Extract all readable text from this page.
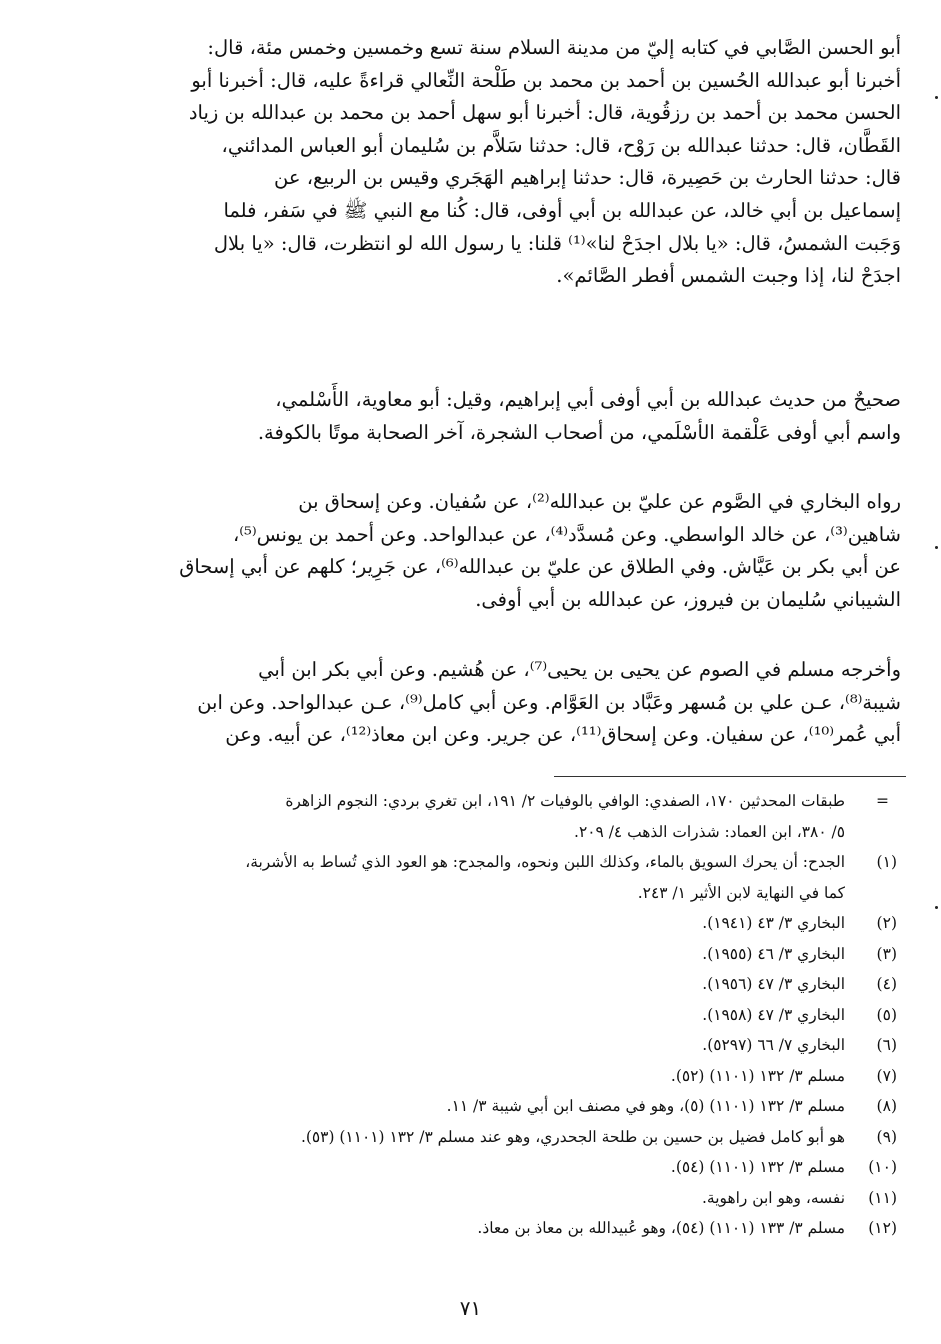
أبو الحسن الصَّابي في كتابه إليّ من مدينة السلام سنة تسع وخمسين وخمس مئة، قال:
أخبرنا أبو عبدالله الحُسين بن أحمد بن محمد بن طَلْحة النِّعالي قراءةً عليه، قال: أخبرنا أبو
الحسن محمد بن أحمد بن رزقُوية، قال: أخبرنا أبو سهل أحمد بن محمد بن عبدالله بن زياد
القَطَّان، قال: حدثنا عبدالله بن رَوْح، قال: حدثنا سَلاَّم بن سُليمان أبو العباس المدائني،
قال: حدثنا الحارث بن حَصِيرة، قال: حدثنا إبراهيم الهَجَري وقيس بن الربيع، عن
إسماعيل بن أبي خالد، عن عبدالله بن أبي أوفى، قال: كُنا مع النبي ﷺ في سَفر، فلما
وَجَبت الشمسُ، قال: «يا بلال اجدَحْ لنا»⁽¹⁾ قلنا: يا رسول الله لو انتظرت، قال: «يا بلال
اجدَحْ لنا، إذا وجبت الشمس أفطر الصَّائم».
صحيحٌ من حديث عبدالله بن أبي أوفى أبي إبراهيم، وقيل: أبو معاوية، الأَسْلمي،
واسم أبي أوفى عَلْقمة الأسْلَمي، من أصحاب الشجرة، آخر الصحابة موتًا بالكوفة.
رواه البخاري في الصَّوم عن عليّ بن عبدالله⁽²⁾، عن سُفيان. وعن إسحاق بن
شاهين⁽³⁾، عن خالد الواسطي. وعن مُسدَّد⁽⁴⁾، عن عبدالواحد. وعن أحمد بن يونس⁽⁵⁾،
عن أبي بكر بن عَيَّاش. وفي الطلاق عن عليّ بن عبدالله⁽⁶⁾، عن جَرِير؛ كلهم عن أبي إسحاق
الشيباني سُليمان بن فيروز، عن عبدالله بن أبي أوفى.
وأخرجه مسلم في الصوم عن يحيى بن يحيى⁽⁷⁾، عن هُشيم. وعن أبي بكر ابن أبي
شيبة⁽⁸⁾، عـن علي بن مُسهر وعَبَّاد بن العَوَّام. وعن أبي كامل⁽⁹⁾، عـن عبدالواحد. وعن ابن
أبي عُمر⁽¹⁰⁾، عن سفيان. وعن إسحاق⁽¹¹⁾، عن جرير. وعن ابن معاذ⁽¹²⁾، عن أبيه. وعن
=
طبقات المحدثين ١٧٠، الصفدي: الوافي بالوفيات ٢/ ١٩١، ابن تغري بردي: النجوم الزاهرة
٥/ ٣٨٠، ابن العماد: شذرات الذهب ٤/ ٢٠٩.
(١)
الجدح: أن يحرك السويق بالماء، وكذلك اللبن ونحوه، والمجدح: هو العود الذي تُساط به الأشربة،
كما في النهاية لابن الأثير ١/ ٢٤٣.
(٢)
البخاري ٣/ ٤٣ (١٩٤١).
(٣)
البخاري ٣/ ٤٦ (١٩٥٥).
(٤)
البخاري ٣/ ٤٧ (١٩٥٦).
(٥)
البخاري ٣/ ٤٧ (١٩٥٨).
(٦)
البخاري ٧/ ٦٦ (٥٢٩٧).
(٧)
مسلم ٣/ ١٣٢ (١١٠١) (٥٢).
(٨)
مسلم ٣/ ١٣٢ (١١٠١) (٥)، وهو في مصنف ابن أبي شيبة ٣/ ١١.
(٩)
هو أبو كامل فضيل بن حسين بن طلحة الجحدري، وهو عند مسلم ٣/ ١٣٢ (١١٠١) (٥٣).
(١٠)
مسلم ٣/ ١٣٢ (١١٠١) (٥٤).
(١١)
نفسه، وهو ابن راهوية.
(١٢)
مسلم ٣/ ١٣٣ (١١٠١) (٥٤)، وهو عُبيدالله بن معاذ بن معاذ.
٧١
